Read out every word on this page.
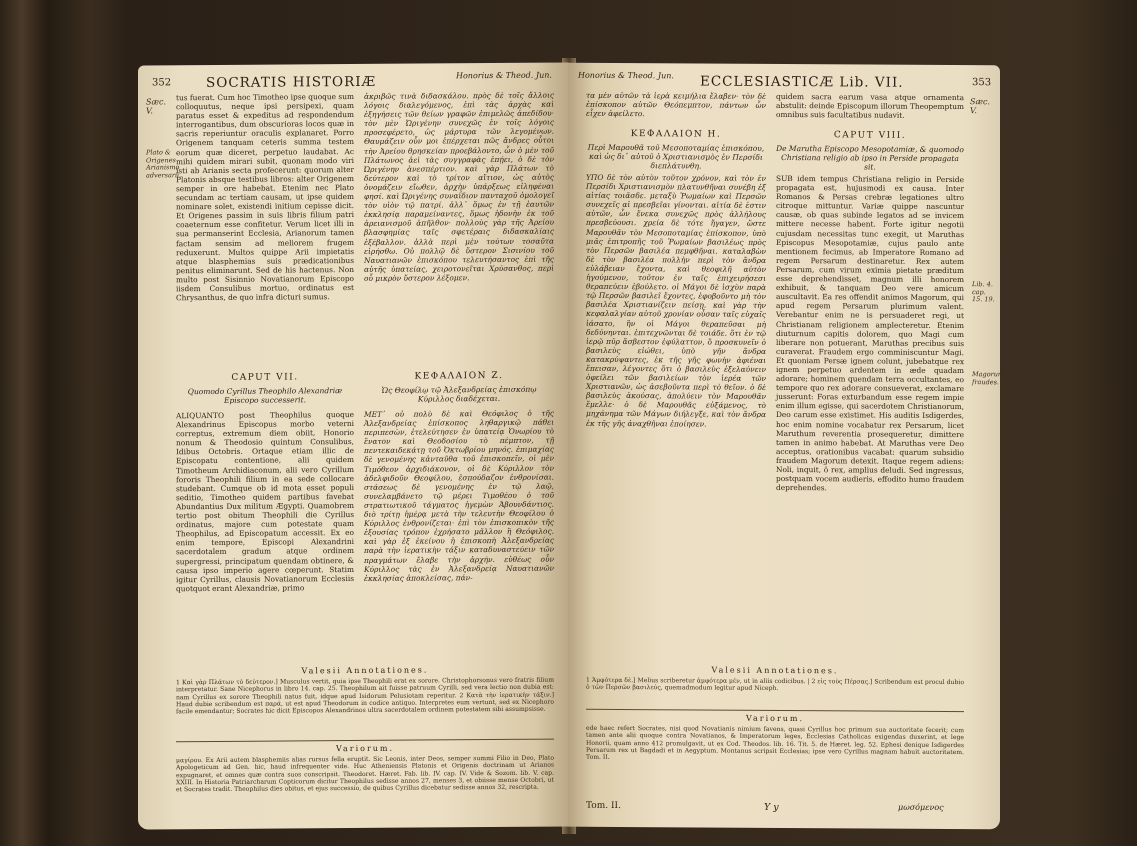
352	SOCRATIS HISTORIÆ	Honorius & Theod. Jun.
Sæc. V.
Plato & Origenes Arianismo adversarii.

tus fuerat. Cum hoc Timotheo ipse quoque sum colloquutus, neque ipsi persipexi, quam paratus esset & expeditus ad respondendum interrogantibus, dum obscurioras locos quæ in sacris reperiuntur oraculis explanaret. Porro Origenem tanquam ceteris summa testem eorum quæ diceret, perpetuo laudabat. Ac mihi quidem mirari subit, quonam modo viri isti ab Arianis secta profecerunt: quorum alter Platonis absque testibus libros: alter Origenem semper in ore habebat. Etenim nec Plato secundam ac tertiam causam, ut ipse quidem nominare solet, existendi initium cepisse dicit. Et Origenes passim in suis libris filium patri coaeternum esse confitetur. Verum licet illi in sua permanserint Ecclesia, Arianorum tamen factam sensim ad meliorem frugem reduxerunt. Multos quippe Arii impietatis atque blasphemias suis prædicationibus penitus eliminarunt. Sed de his hactenus. Non multo post Sisinnio Novatianorum Episcopo iisdem Consulibus mortuo, ordinatus est Chrysanthus, de quo infra dicturi sumus.

ἀκριβῶς τινὰ διδασκάλου. πρὸς δὲ τοῖς ἄλλοις λόγοις διαλεγόμενος, ἐπὶ τὰς ἀρχὰς καὶ ἐξηγήσεις τῶν θείων γραφῶν ἐπιμελῶς ἀπεδίδου· τὸν μὲν Ὠριγένην συνεχῶς ἐν τοῖς λόγοις προσεφέρετο, ὡς μάρτυρα τῶν λεγομένων. Θαυμάζειν οὖν μοι ἐπέρχεται πῶς ἄνδρες οὗτοι τὴν Ἀρείου θρησκείαν προεβάλοντο, ὧν ὁ μὲν τοῦ Πλάτωνος ἀεὶ τὰς συγγραφὰς ἐπῄει, ὁ δὲ τὸν Ὠριγένην ἀνεσπέρτιον. καὶ γὰρ Πλάτων τὸ δεύτερον καὶ τὸ τρίτον αἴτιον, ὡς αὐτὸς ὀνομάζειν εἴωθεν, ἀρχὴν ὑπάρξεως εἰληφέναι φησί. καὶ Ὠριγένης συναΐδιον πανταχοῦ ὁμολογεῖ τὸν υἱὸν τῷ πατρί. ἀλλ᾽ ὅμως ἐν τῇ ἑαυτῶν ἐκκλησίᾳ παραμείναντες, ὅμως ἡδονὴν ἐκ τοῦ ἀρειανισμοῦ ἀπῆλθον· πολλοὺς γὰρ τῆς Ἀρείου βλασφημίας ταῖς σφετέραις διδασκαλίαις ἐξέβαλλον. ἀλλὰ περὶ μὲν τούτων τοσαῦτα εἰρήσθω. Οὐ πολλῷ δὲ ὕστερον Σισινίου τοῦ Ναυατιανῶν ἐπισκόπου τελευτήσαντος ἐπὶ τῆς αὐτῆς ὑπατείας, χειροτονεῖται Χρύσανθος, περὶ οὗ μικρὸν ὕστερον λέξομεν.

CAPUT VII.
Quomodo Cyrillus Theophilo Alexandriæ Episcopo successerit.
ΚΕΦΑΛΑΙΟΝ Ζ.
Ὡς Θεοφίλῳ τῷ Ἀλεξανδρείας ἐπισκόπῳ Κύριλλος διαδέχεται.

ALIQUANTO post Theophilus quoque Alexandrinus Episcopus morbo veterni correptus, extremum diem obiit, Honorio nonum & Theodosio quintum Consulibus, Idibus Octobris. Ortaque etiam illic de Episcopatu contentione, alii quidem Timotheum Archidiaconum, alii vero Cyrillum fororis Theophili filium in ea sede collocare studebant. Cumque ob id mota esset populi seditio, Timotheo quidem partibus favebat Abundantius Dux militum Ægypti. Quamobrem tertio post obitum Theophili die Cyrillus ordinatus, majore cum potestate quam Theophilus, ad Episcopatum accessit. Ex eo enim tempore, Episcopi Alexandrini sacerdotalem gradum atque ordinem supergressi, principatum quendam obtinere, & causa ipso imperio agere cœperunt. Statim igitur Cyrillus, clausis Novatianorum Ecclesiis quotquot erant Alexandriæ, primo

ΜΕΤ᾽ οὐ πολὺ δὲ καὶ Θεόφιλος ὁ τῆς Ἀλεξανδρείας ἐπίσκοπος ληθαργικῷ πάθει περιπεσὼν, ἐτελεύτησεν ἐν ὑπατείᾳ Ὁνωρίου τὸ ἔνατον καὶ Θεοδοσίου τὸ πέμπτον, τῇ πεντεκαιδεκάτῃ τοῦ Ὀκτωβρίου μηνός. ἐπιμαχίας δὲ γενομένης κἀνταῦθα τοῦ ἐπισκοπεῖν, οἱ μὲν Τιμόθεον ἀρχιδιάκονον, οἱ δὲ Κύριλλον τὸν ἀδελφιδοῦν Θεοφίλου, ἐσπούδαζον ἐνθρονίσαι. στάσεως δὲ γενομένης ἐν τῷ λαῷ, συνελαμβάνετο τῷ μέρει Τιμοθέου ὁ τοῦ στρατιωτικοῦ τάγματος ἡγεμὼν Ἀβουνδάντιος. διὸ τρίτῃ ἡμέρᾳ μετὰ τὴν τελευτὴν Θεοφίλου ὁ Κύριλλος ἐνθρονίζεται· ἐπὶ τὸν ἐπισκοπικὸν τῆς ἐξουσίας τρόπον ἐχρήσατο μᾶλλον ἢ Θεόφιλος. καὶ γὰρ ἐξ ἐκείνου ἡ ἐπισκοπὴ Ἀλεξανδρείας παρὰ τὴν ἱερατικὴν τάξιν καταδυναστεύειν τῶν πραγμάτων ἔλαβε τὴν ἀρχήν. εὐθέως οὖν Κύριλλος τὰς ἐν Ἀλεξανδρείᾳ Ναυατιανῶν ἐκκλησίας ἀποκλείσας, πάν-

Valesii Annotationes.
1 Καὶ γὰρ Πλάτων τὸ δεύτερον.] Musculus vertit, quia ipse Theophili erat ex sorore. Christophorsonus vero fratris filium interpretatur. Sane Nicephorus in libro 14. cap. 25. Theophilum ait fuisse patruum Cyrilli, sed vera lectio non dubia est: nam Cyrillus ex sorore Theophili natus fuit, idque apud Isidorum Pelusiotam reperitur. 2 Κατὰ τὴν ἱερατικὴν τάξιν.] Haud dubie scribendum est παρά, ut est apud Theodorum in codice antiquo. Interpretes eum vertunt, sed ex Nicephoro facile emendantur; Socrates hic dicit Episcopos Alexandrinos ultra sacerdotalem ordinem potestatem sibi assumpsisse.
Variorum.
μαγίρου. Ex Arii autem blasphemiis alias rursus fella eruptit. Sic Leonis, inter Deos, semper summi Filio in Deo, Plato Apologeticum ad Gen. hic, haud infrequenter vide. Huc Atheniensis Platonis et Origenis doctrinam ut Arianos expugnaret, et omnes quæ contra suos conscripsit. Theodoret. Hæret. Fab. lib. IV. cap. IV. Vide & Sozom. lib. V. cap. XXIII. In Historia Patriarcharum Copticorum dicitur Theophilus sedisse annos 27, menses 3, et obiisse mense Octobri, ut et Socrates tradit. Theophilus dies obitus, et ejus successio, de quibus Cyrillus dicebatur sedisse annos 32, rescripta.
Honorius & Theod. Jun.	ECCLESIASTICÆ Lib. VII.	353
Sæc. V.
Lib. 4. cap. 15. 19.
Magorum fraudes.

τα μὲν αὐτῶν τὰ ἱερὰ κειμήλια ἔλαβεν· τὸν δὲ ἐπίσκοπον αὐτῶν Θεόπεμπτον, πάντων ὧν εἶχεν ἀφείλετο.

quidem sacra earum vasa atque ornamenta abstulit: deinde Episcopum illorum Theopemptum omnibus suis facultatibus nudavit.

ΚΕΦΑΛΑΙΟΝ Η.
Περὶ Μαρουθᾶ τοῦ Μεσοποταμίας ἐπισκόπου, καὶ ὡς δι᾽ αὐτοῦ ὁ Χριστιανισμὸς ἐν Περσίδι διεπλάτυνθη.
CAPUT VIII.
De Marutha Episcopo Mesopotamiæ, & quomodo Christiana religio ab ipso in Perside propagata sit.

ΥΠΟ δὲ τὸν αὐτὸν τοῦτον χρόνον, καὶ τὸν ἐν Περσίδι Χριστιανισμὸν πλατυνθῆναι συνέβη ἐξ αἰτίας τοιᾶσδε. μεταξὺ Ῥωμαίων καὶ Περσῶν συνεχεῖς αἱ πρεσβεῖαι γίνονται. αἰτία δὲ ἐστιν αὐτῶν, ὧν ἕνεκα συνεχῶς πρὸς ἀλλήλους πρεσβεύουσι. χρεία δὲ τότε ἤγαγεν, ὥστε Μαρουθᾶν τὸν Μεσοποταμίας ἐπίσκοπον, ὑπὸ μιᾶς ἐπιτροπῆς τοῦ Ῥωμαίων βασιλέως πρὸς τὸν Περσῶν βασιλέα πεμφθῆναι. καταλαβὼν δὲ τὸν βασιλέα πολλὴν περὶ τὸν ἄνδρα εὐλάβειαν ἔχοντα, καὶ θεοφιλῆ αὐτὸν ἡγούμενον, τοῦτον ἐν ταῖς ἐπιχειρήσεσι θεραπεύειν ἐβούλετο. οἱ Μάγοι δὲ ἰσχὺν παρὰ τῷ Περσῶν βασιλεῖ ἔχοντες, ἐφοβοῦντο μὴ τὸν βασιλέα Χριστιανίζειν πείσῃ. καὶ γὰρ τὴν κεφαλαλγίαν αὐτοῦ χρονίαν οὖσαν ταῖς εὐχαῖς ἰάσατο, ἣν οἱ Μάγοι θεραπεῦσαι μὴ δεδύνηνται. ἐπιτεχνῶνται δὲ τοιάδε. ὅτι ἐν τῷ ἱερῷ πῦρ ἄσβεστον ἐφύλαττον, ὃ προσκυνεῖν ὁ βασιλεὺς εἰώθει, ὑπὸ γῆν ἄνδρα κατακρύψαντες, ἐκ τῆς γῆς φωνὴν ἀφιέναι ἔπεισαν, λέγοντες ὅτι ὁ βασιλεὺς ἐξελαύνειν ὀφείλει τῶν βασιλείων τὸν ἱερέα τῶν Χριστιανῶν, ὡς ἀσεβοῦντα περὶ τὸ θεῖον. ὁ δὲ βασιλεὺς ἀκούσας, ἀπολύειν τὸν Μαρουθᾶν ἔμελλε· ὁ δὲ Μαρουθᾶς εὐξάμενος, τὸ μηχάνημα τῶν Μάγων διήλεγξε, καὶ τὸν ἄνδρα ἐκ τῆς γῆς ἀναχθῆναι ἐποίησεν.

SUB idem tempus Christiana religio in Perside propagata est, hujusmodi ex causa. Inter Romanos & Persas crebræ legationes ultro citroque mittuntur. Variæ quippe nascuntur causæ, ob quas subinde legatos ad se invicem mittere necesse habent. Forte igitur negotii cujusdam necessitas tunc exegit, ut Maruthas Episcopus Mesopotamiæ, cujus paulo ante mentionem fecimus, ab Imperatore Romano ad regem Persarum destinaretur. Rex autem Persarum, cum virum eximia pietate præditum esse deprehendisset, magnum illi honorem exhibuit, & tanquam Deo vere amicum auscultavit. Ea res offendit animos Magorum, qui apud regem Persarum plurimum valent. Verebantur enim ne is persuaderet regi, ut Christianam religionem amplecteretur. Etenim diuturnum capitis dolorem, quo Magi cum liberare non potuerant, Maruthas precibus suis curaverat. Fraudem ergo comminiscuntur Magi. Et quoniam Persæ ignem colunt, jubebatque rex ignem perpetuo ardentem in æde quadam adorare; hominem quendam terra occultantes, eo tempore quo rex adorare consueverat, exclamare jusserunt: Foras exturbandum esse regem impie enim illum egisse, qui sacerdotem Christianorum, Deo carum esse existimet. His auditis Isdigerdes, hoc enim nomine vocabatur rex Persarum, licet Maruthum reverentia prosequeretur, dimittere tamen in animo habebat. At Maruthas vere Deo acceptus, orationibus vacabat: quarum subsidio fraudem Magorum detexit. Itaque regem adiens: Noli, inquit, ô rex, amplius deludi. Sed ingressus, postquam vocem audieris, effodito humo fraudem deprehendes.

Valesii Annotationes.
1 Ἀμφότερα δὲ.] Melius scriberetur ἀμφότερα μέν, ut in aliis codicibus. | 2 εἰς τοὺς Πέρσας.] Scribendum est procul dubio ὁ τῶν Περσῶν βασιλεύς, quemadmodum legitur apud Niceph.
Variorum.
ede haec refert Socrates, nisi quod Novatianis nimium favens, quasi Cyrillus hoc primum sua auctoritate fecerit; cum tamen ante alii quoque contra Novatianos, & Imperatorum leges, Ecclesias Catholicas exigendas duxerint, et lege Honorii, quam anno 412 promulgavit, ut ex Cod. Theodos. lib. 16. Tit. 5. de Hæret. leg. 52. Ephesi denique Isdigerdes Persarum rex ut Bagdadi et in Aegyptum. Montanus scripsit Ecclesias; ipse vero Cyrillus magnam habuit auctoritatem. Tom. II.
Tom. II.	Y y	μωσόμενος
